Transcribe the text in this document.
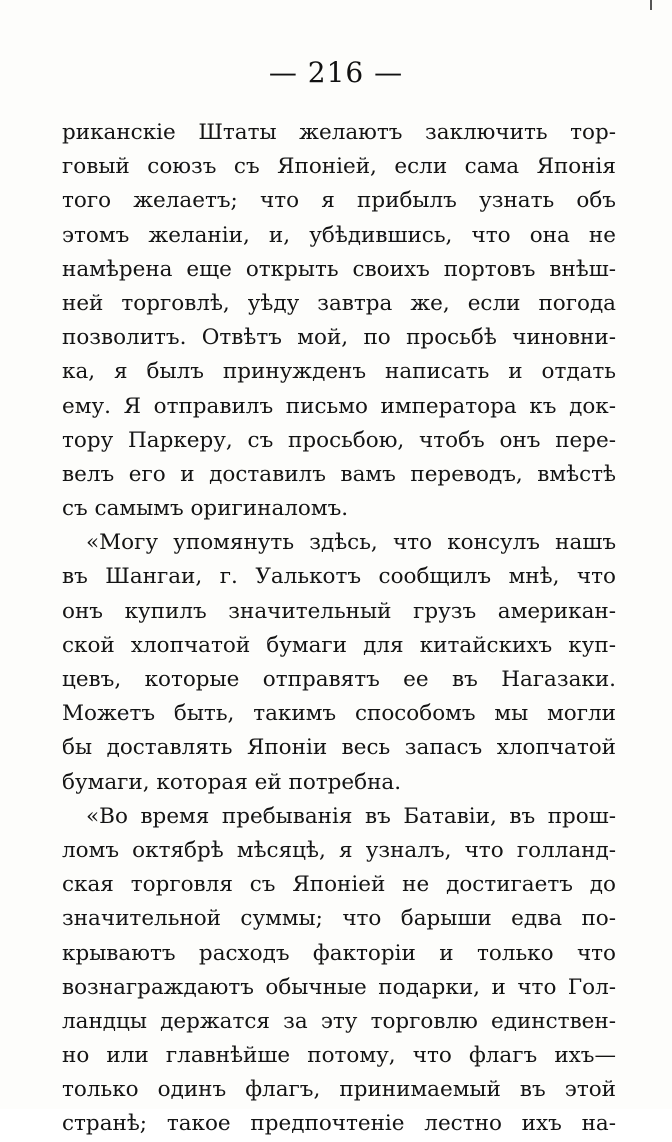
— 216 —
риканскіе Штаты желаютъ заключить тор-
говый союзъ съ Японіей, если сама Японія
того желаетъ; что я прибылъ узнать объ
этомъ желаніи, и, убѣдившись, что она не
намѣрена еще открыть своихъ портовъ внѣш-
ней торговлѣ, уѣду завтра же, если погода
позволитъ. Отвѣтъ мой, по просьбѣ чиновни-
ка, я былъ принужденъ написать и отдать
ему. Я отправилъ письмо императора къ док-
тору Паркеру, съ просьбою, чтобъ онъ пере-
велъ его и доставилъ вамъ переводъ, вмѣстѣ
съ самымъ оригиналомъ.
«Могу упомянуть здѣсь, что консулъ нашъ
въ Шангаи, г. Уалькотъ сообщилъ мнѣ, что
онъ купилъ значительный грузъ американ-
ской хлопчатой бумаги для китайскихъ куп-
цевъ, которые отправятъ ее въ Нагазаки.
Можетъ быть, такимъ способомъ мы могли
бы доставлять Японіи весь запасъ хлопчатой
бумаги, которая ей потребна.
«Во время пребыванія въ Батавіи, въ прош-
ломъ октябрѣ мѣсяцѣ, я узналъ, что голланд-
ская торговля съ Японіей не достигаетъ до
значительной суммы; что барыши едва по-
крываютъ расходъ факторіи и только что
вознаграждаютъ обычные подарки, и что Гол-
ландцы держатся за эту торговлю единствен-
но или главнѣйше потому, что флагъ ихъ—
только одинъ флагъ, принимаемый въ этой
странѣ; такое предпочтеніе лестно ихъ на-
